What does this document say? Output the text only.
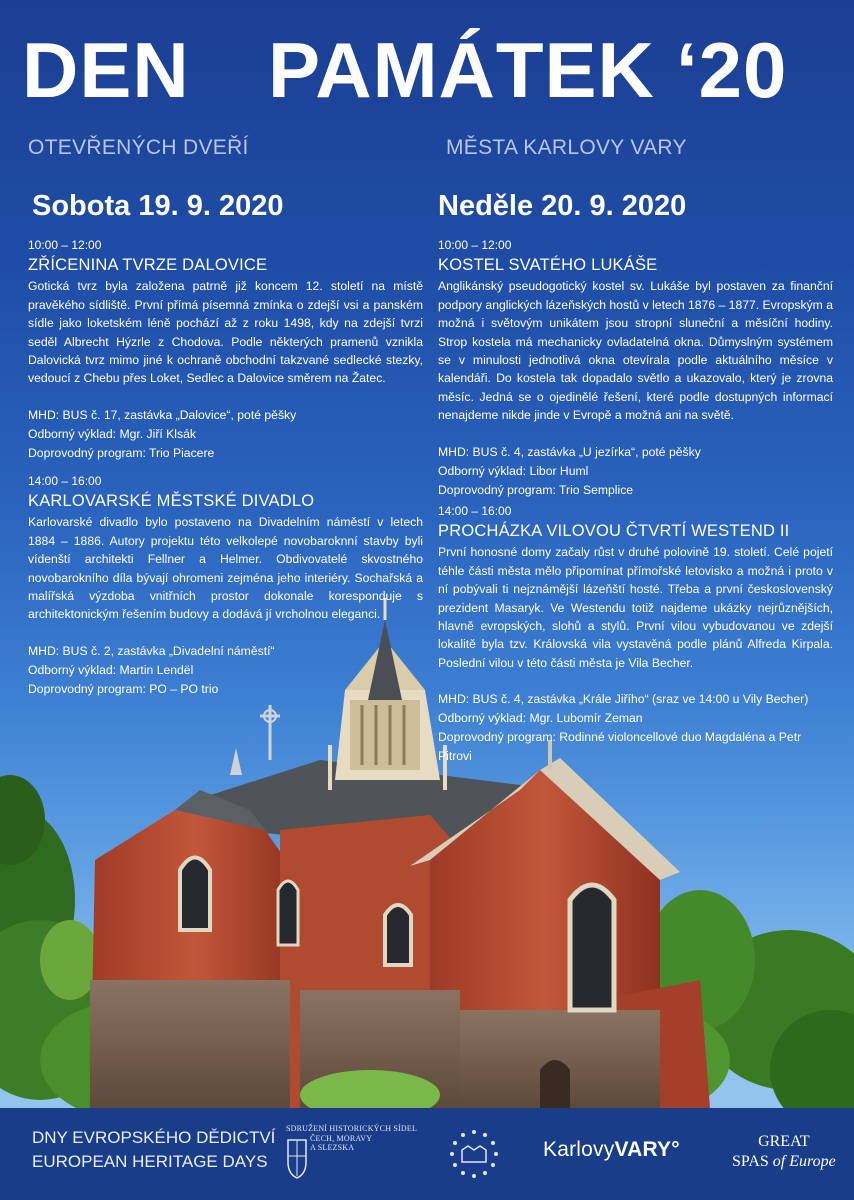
DEN PAMÁTEK ‘20
OTEVŘENÝCH DVEŘÍ	MĚSTA KARLOVY VARY
Sobota 19. 9. 2020	Neděle 20. 9. 2020
10:00 – 12:00
ZŘÍCENINA TVRZE DALOVICE
Gotická tvrz byla založena patrně již koncem 12. století na místě pravěkého sídliště. První přímá písemná zmínka o zdejší vsi a panském sídle jako loketském léně pochází až z roku 1498, kdy na zdejší tvrzi seděl Albrecht Hýzrle z Chodova. Podle některých pramenů vznikla Dalovická tvrz mimo jiné k ochraně obchodní takzvané sedlecké stezky, vedoucí z Chebu přes Loket, Sedlec a Dalovice směrem na Žatec.
MHD: BUS č. 17, zastávka „Dalovice“, poté pěšky
Odborný výklad: Mgr. Jiří Klsák
Doprovodný program: Trio Piacere
14:00 – 16:00
KARLOVARSKÉ MĚSTSKÉ DIVADLO
Karlovarské divadlo bylo postaveno na Divadelním náměstí v letech 1884 – 1886. Autory projektu této velkolepé novobaroknní stavby byli vídenští architekti Fellner a Helmer. Obdivovatelé skvostného novobarokního díla bývají ohromeni zejména jeho interiéry. Sochařská a malířská výzdoba vnitřních prostor dokonale koresponduje s architektonickým řešením budovy a dodává jí vrcholnou eleganci.
MHD: BUS č. 2, zastávka „Divadelní náměstí“
Odborný výklad: Martin Lendël
Doprovodný program: PO – PO trio
10:00 – 12:00
KOSTEL SVATÉHO LUKÁŠE
Anglikánský pseudogotický kostel sv. Lukáše byl postaven za finanční podpory anglických lázeňských hostů v letech 1876 – 1877. Evropským a možná i světovým unikátem jsou stropní sluneční a měsíční hodiny. Strop kostela má mechanicky ovladatelná okna. Důmyslným systémem se v minulosti jednotlivá okna otevírala podle aktuálního měsíce v kalendáři. Do kostela tak dopadalo světlo a ukazovalo, který je zrovna měsíc. Jedná se o ojedinělé řešení, které podle dostupných informací nenajdeme nikde jinde v Evropě a možná ani na světě.
MHD: BUS č. 4, zastávka „U jezírka“, poté pěšky
Odborný výklad: Libor Huml
Doprovodný program: Trio Semplice
14:00 – 16:00
PROCHÁZKA VILOVOU ČTVRTÍ WESTEND II
První honosné domy začaly růst v druhé polovině 19. století. Celé pojetí téhle části města mělo připomínat přímořské letovisko a možná i proto v ní pobývali ti nejznámější lázeňští hosté. Třeba a první československý prezident Masaryk. Ve Westendu totiž najdeme ukázky nejrůznějších, hlavně evropských, slohů a stylů. První vilou vybudovanou ve zdejší lokalitě byla tzv. Královská vila vystavěná podle plánů Alfreda Kirpala. Poslední vilou v této části města je Vila Becher.
MHD: BUS č. 4, zastávka „Krále Jiřího“ (sraz ve 14:00 u Vily Becher)
Odborný výklad: Mgr. Lubomír Zeman
Doprovodný program: Rodinné violoncellové duo Magdaléna a Petr Pitrovi
DNY EVROPSKÉHO DĚDICTVÍ
EUROPEAN HERITAGE DAYS
SDRUŽENÍ HISTORICKÝCH SÍDEL
ČECH, MORAVY
A SLEZSKA	KarlovyVARY°	GREAT
SPAS of Europe
